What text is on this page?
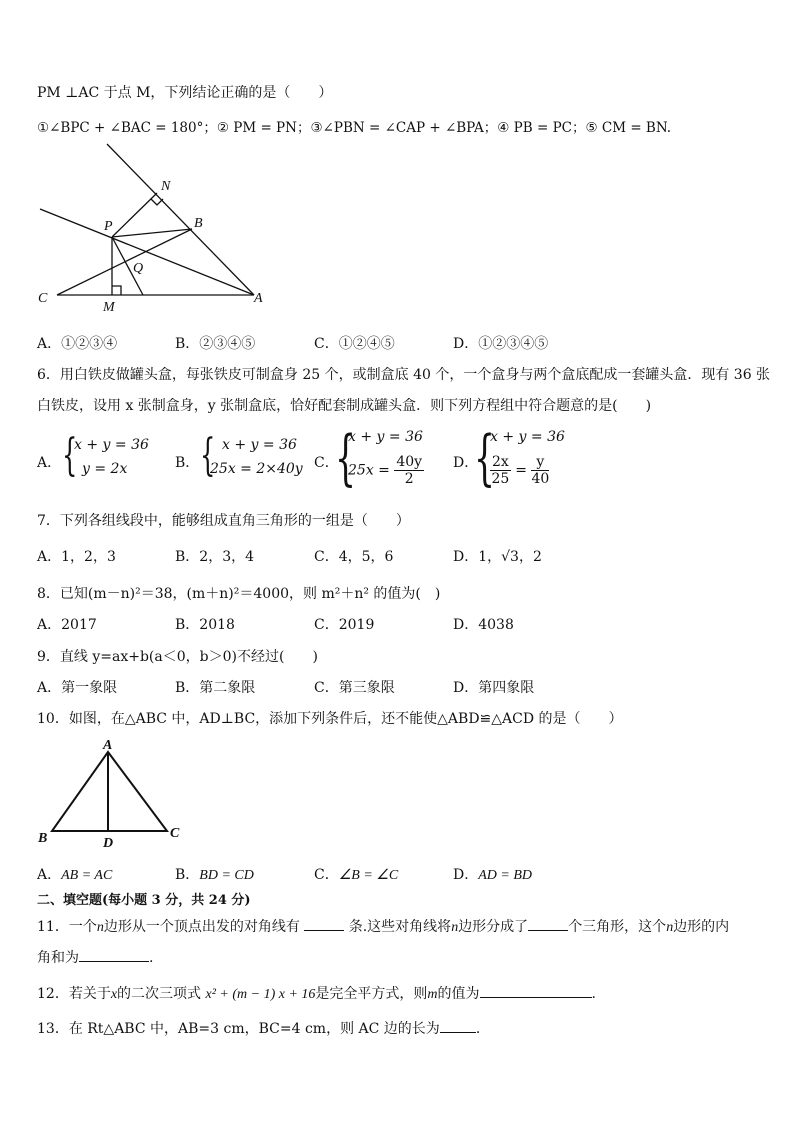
PM ⊥AC 于点 M，下列结论正确的是（　　）
①∠BPC + ∠BAC = 180°；② PM = PN；③∠PBN = ∠CAP + ∠BPA；④ PB = PC；⑤ CM = BN.
N
P	B
Q
C
M
A
A．①②③④	B．②③④⑤	C．①②④⑤	D．①②③④⑤
6．用白铁皮做罐头盒，每张铁皮可制盒身 25 个，或制盒底 40 个，一个盒身与两个盒底配成一套罐头盒．现有 36 张
白铁皮，设用 x 张制盒身，y 张制盒底，恰好配套制成罐头盒．则下列方程组中符合题意的是(　　)
A． {
x + y = 36
y = 2x	B． { x + y = 36
25x = 2×40y C．
{
x + y = 36
$25x = \frac{40y}{2}$ D．
{
x + y = 36
$\frac{2x}{25} = \frac{y}{40}$
7．下列各组线段中，能够组成直角三角形的一组是（　　）
A．1，2，3	B．2，3，4	C．4，5，6	D．1，√3，2
8．已知(m－n)²＝38，(m＋n)²＝4000，则 m²＋n² 的值为(　)
A．2017	B．2018	C．2019	D．4038
9．直线 y=ax+b(a＜0，b＞0)不经过(　　)
A．第一象限	B．第二象限	C．第三象限	D．第四象限
10．如图，在△ABC 中，AD⊥BC，添加下列条件后，还不能使△ABD≌△ACD 的是（　　）
A
B	D
C
A．AB = AC	B．BD = CD	C．∠B = ∠C	D．AD = BD
二、填空题(每小题 3 分，共 24 分)
11．一个n边形从一个顶点出发的对角线有	条.这些对角线将n边形分成了	个三角形，这个n边形的内
角和为	.
12．若关于x的二次三项式 x² + (m − 1) x + 16是完全平方式，则m的值为	.
13．在 Rt△ABC 中，AB=3 cm，BC=4 cm，则 AC 边的长为	.
